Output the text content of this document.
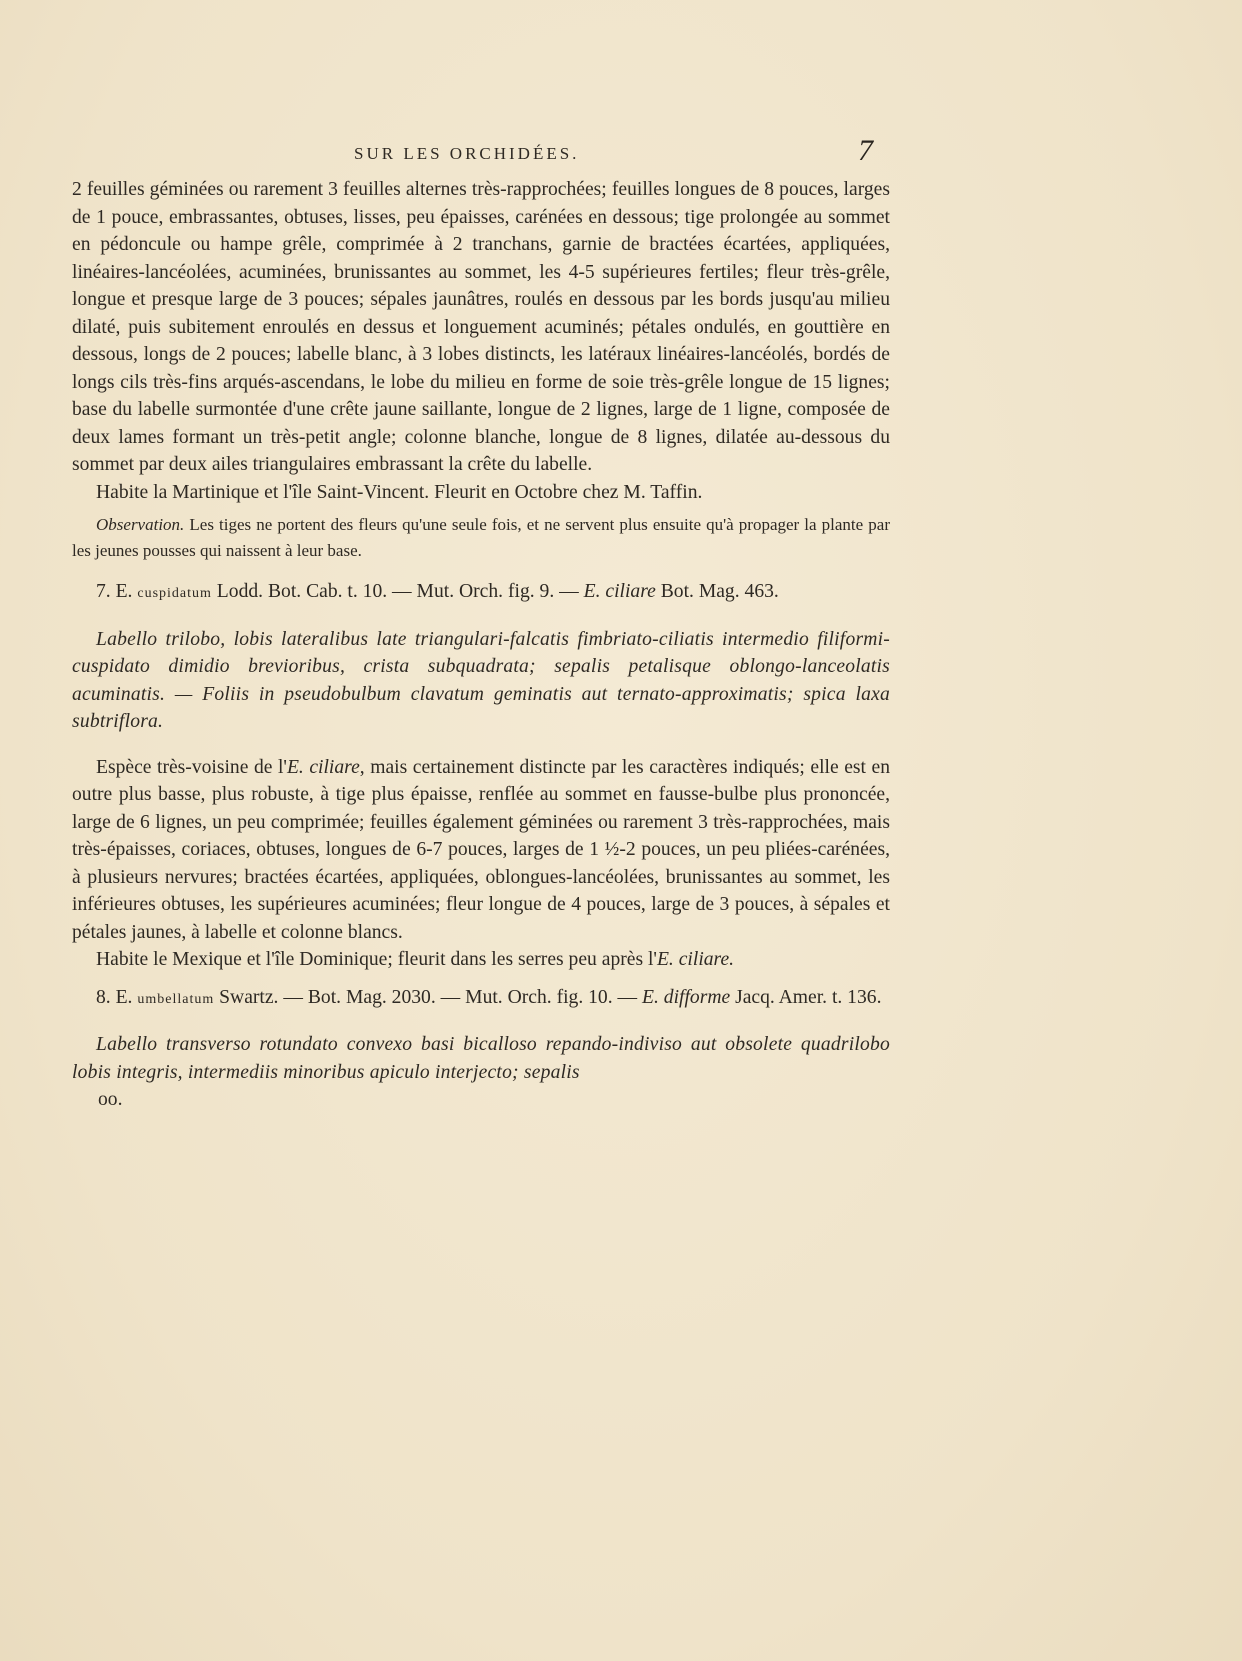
SUR LES ORCHIDÉES.	7

2 feuilles géminées ou rarement 3 feuilles alternes très-rapprochées; feuilles longues de 8 pouces, larges de 1 pouce, embrassantes, obtuses, lisses, peu épaisses, carénées en dessous; tige prolongée au sommet en pédoncule ou hampe grêle, comprimée à 2 tranchans, garnie de bractées écartées, appliquées, linéaires-lancéolées, acuminées, brunissantes au sommet, les 4-5 supérieures fertiles; fleur très-grêle, longue et presque large de 3 pouces; sépales jaunâtres, roulés en dessous par les bords jusqu'au milieu dilaté, puis subitement enroulés en dessus et longuement acuminés; pétales ondulés, en gouttière en dessous, longs de 2 pouces; labelle blanc, à 3 lobes distincts, les latéraux linéaires-lancéolés, bordés de longs cils très-fins arqués-ascendans, le lobe du milieu en forme de soie très-grêle longue de 15 lignes; base du labelle surmontée d'une crête jaune saillante, longue de 2 lignes, large de 1 ligne, composée de deux lames formant un très-petit angle; colonne blanche, longue de 8 lignes, dilatée au-dessous du sommet par deux ailes triangulaires embrassant la crête du labelle.

Habite la Martinique et l'île Saint-Vincent. Fleurit en Octobre chez M. Taffin.

Observation. Les tiges ne portent des fleurs qu'une seule fois, et ne servent plus ensuite qu'à propager la plante par les jeunes pousses qui naissent à leur base.

7. E. cuspidatum Lodd. Bot. Cab. t. 10. — Mut. Orch. fig. 9. — E. ciliare Bot. Mag. 463.

Labello trilobo, lobis lateralibus late triangulari-falcatis fimbriato-ciliatis intermedio filiformi-cuspidato dimidio brevioribus, crista subquadrata; sepalis petalisque oblongo-lanceolatis acuminatis. — Foliis in pseudobulbum clavatum geminatis aut ternato-approximatis; spica laxa subtriflora.

Espèce très-voisine de l'E. ciliare, mais certainement distincte par les caractères indiqués; elle est en outre plus basse, plus robuste, à tige plus épaisse, renflée au sommet en fausse-bulbe plus prononcée, large de 6 lignes, un peu comprimée; feuilles également géminées ou rarement 3 très-rapprochées, mais très-épaisses, coriaces, obtuses, longues de 6-7 pouces, larges de 1 ½-2 pouces, un peu pliées-carénées, à plusieurs nervures; bractées écartées, appliquées, oblongues-lancéolées, brunissantes au sommet, les inférieures obtuses, les supérieures acuminées; fleur longue de 4 pouces, large de 3 pouces, à sépales et pétales jaunes, à labelle et colonne blancs.

Habite le Mexique et l'île Dominique; fleurit dans les serres peu après l'E. ciliare.

8. E. umbellatum Swartz. — Bot. Mag. 2030. — Mut. Orch. fig. 10. — E. difforme Jacq. Amer. t. 136.

Labello transverso rotundato convexo basi bicalloso repando-indiviso aut obsolete quadrilobo lobis integris, intermediis minoribus apiculo interjecto; sepalis

oo.
